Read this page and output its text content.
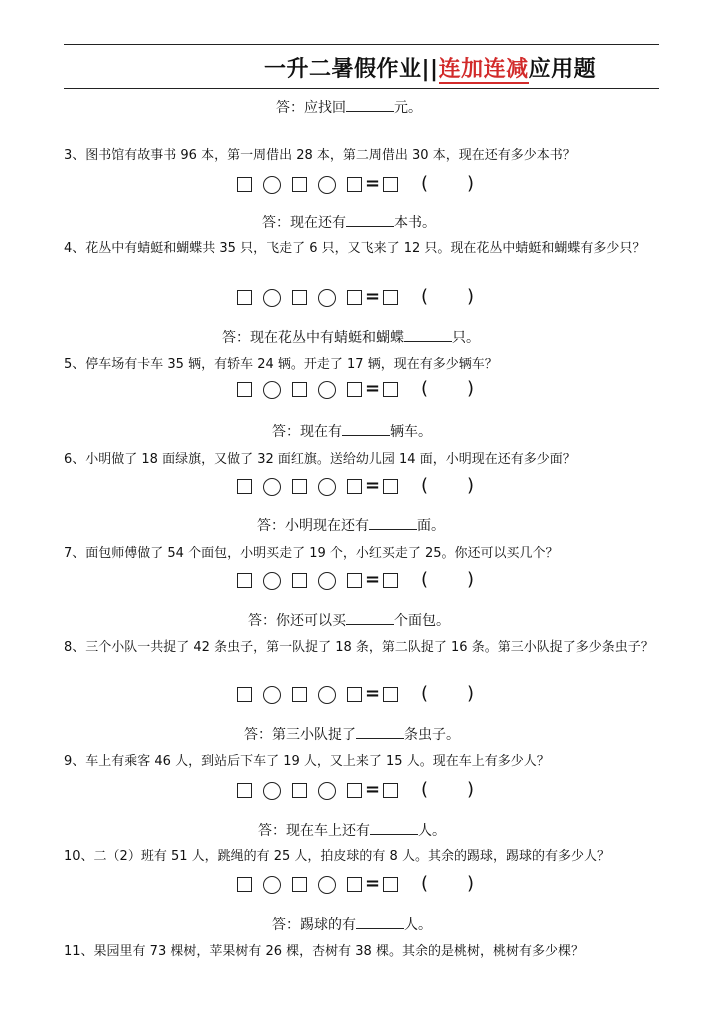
一升二暑假作业||连加连减应用题
答：应找回	元。
3、图书馆有故事书 96 本，第一周借出 28 本，第二周借出 30 本，现在还有多少本书？
= ( )
答：现在还有	本书。
4、花丛中有蜻蜓和蝴蝶共 35 只，飞走了 6 只，又飞来了 12 只。现在花丛中蜻蜓和蝴蝶有多少只？
= ( )
答：现在花丛中有蜻蜓和蝴蝶	只。
5、停车场有卡车 35 辆，有轿车 24 辆。开走了 17 辆，现在有多少辆车？
= ( )
答：现在有	辆车。
6、小明做了 18 面绿旗，又做了 32 面红旗。送给幼儿园 14 面，小明现在还有多少面？
= ( )
答：小明现在还有	面。
7、面包师傅做了 54 个面包，小明买走了 19 个，小红买走了 25。你还可以买几个？
= ( )
答：你还可以买	个面包。
8、三个小队一共捉了 42 条虫子，第一队捉了 18 条，第二队捉了 16 条。第三小队捉了多少条虫子？
= ( )
答：第三小队捉了	条虫子。
9、车上有乘客 46 人，到站后下车了 19 人，又上来了 15 人。现在车上有多少人？
= ( )
答：现在车上还有	人。
10、二（2）班有 51 人，跳绳的有 25 人，拍皮球的有 8 人。其余的踢球，踢球的有多少人？
= ( )
答：踢球的有	人。
11、果园里有 73 棵树，苹果树有 26 棵，杏树有 38 棵。其余的是桃树，桃树有多少棵？
